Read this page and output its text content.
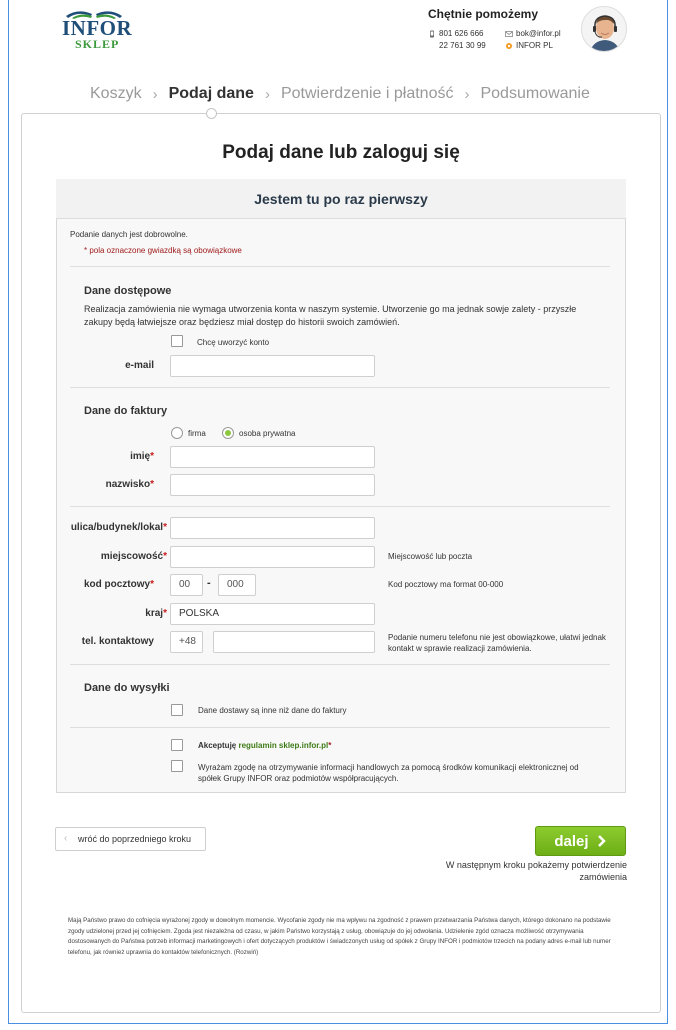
INFOR
SKLEP
Chętnie pomożemy
801 626 666
22 761 30 99
bok@infor.pl
INFOR PL
Koszyk › Podaj dane › Potwierdzenie i płatność › Podsumowanie
Podaj dane lub zaloguj się
Jestem tu po raz pierwszy
Podanie danych jest dobrowolne.
* pola oznaczone gwiazdką są obowiązkowe
Dane dostępowe
Realizacja zamówienia nie wymaga utworzenia konta w naszym systemie. Utworzenie go ma jednak sowje zalety - przyszłe zakupy będą łatwiejsze oraz będziesz miał dostęp do historii swoich zamówień.
Chcę uworzyć konto
e-mail
Dane do faktury
firma	osoba prywatna
imię*
nazwisko*
ulica/budynek/lokal*
miejscowość*	Miejscowość lub poczta
kod pocztowy*	00	-	000	Kod pocztowy ma format 00-000
kraj*	POLSKA
tel. kontaktowy	+48	Podanie numeru telefonu nie jest obowiązkowe, ułatwi jednak kontakt w sprawie realizacji zamówienia.
Dane do wysyłki
Dane dostawy są inne niż dane do faktury
Akceptuję regulamin sklep.infor.pl*
Wyrażam zgodę na otrzymywanie informacji handlowych za pomocą środków komunikacji elektronicznej od spółek Grupy INFOR oraz podmiotów współpracujących.
‹ wróć do poprzedniego kroku	dalej
W następnym kroku pokażemy potwierdzenie zamówienia
Mają Państwo prawo do cofnięcia wyrażonej zgody w dowolnym momencie. Wycofanie zgody nie ma wpływu na zgodność z prawem przetwarzania Państwa danych, którego dokonano na podstawie zgody udzielonej przed jej cofnięciem. Zgoda jest niezależna od czasu, w jakim Państwo korzystają z usług, obowiązuje do jej odwołania. Udzielenie zgód oznacza możliwość otrzymywania dostosowanych do Państwa potrzeb informacji marketingowych i ofert dotyczących produktów i świadczonych usług od spółek z Grupy INFOR i podmiotów trzecich na podany adres e-mail lub numer telefonu, jak również uprawnia do kontaktów telefonicznych. (Rozwiń)
